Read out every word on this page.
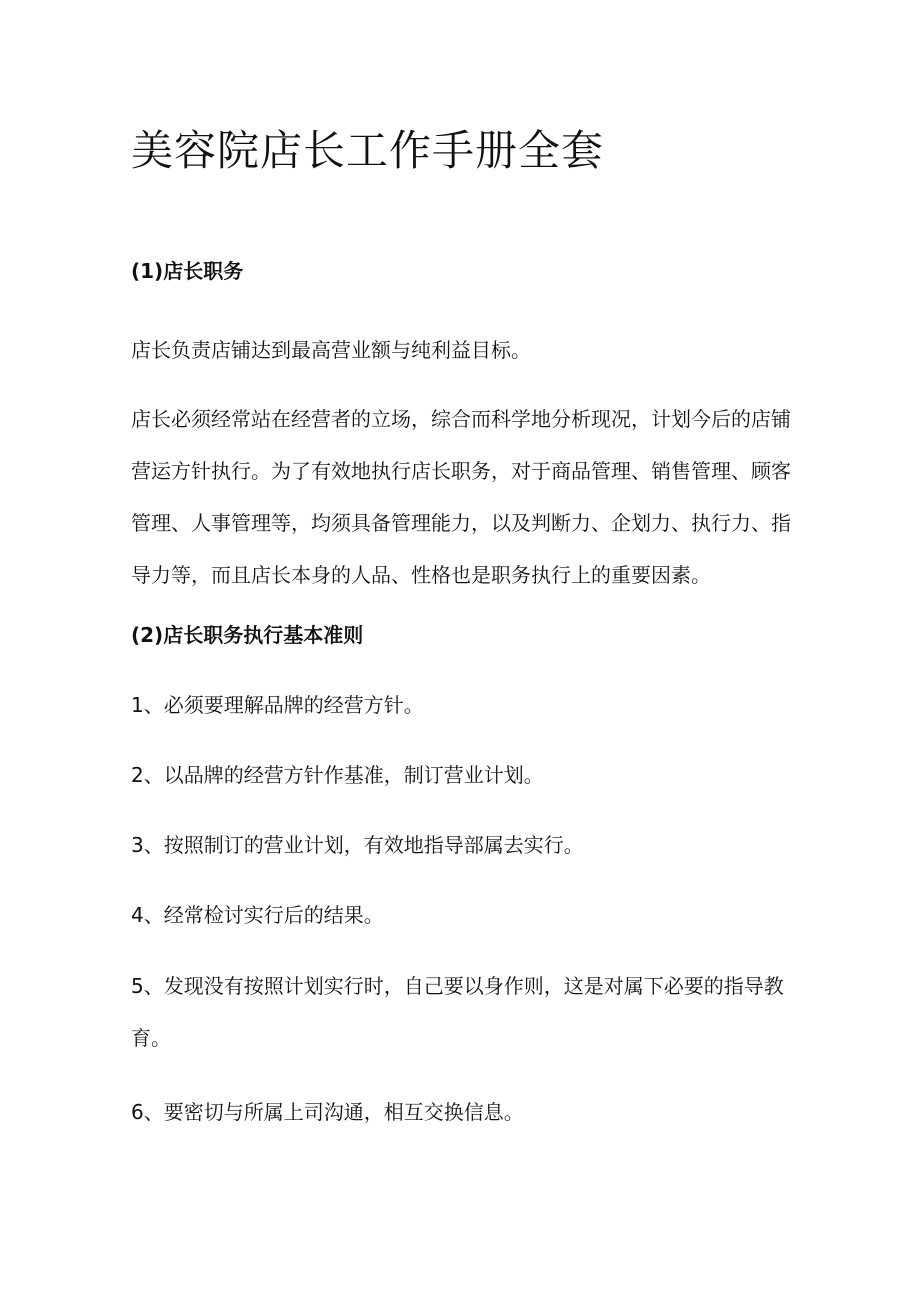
美容院店长工作手册全套
(1)店长职务

店长负责店铺达到最高营业额与纯利益目标。

店长必须经常站在经营者的立场，综合而科学地分析现况，计划今后的店铺营运方针执行。为了有效地执行店长职务，对于商品管理、销售管理、顾客管理、人事管理等，均须具备管理能力，以及判断力、企划力、执行力、指导力等，而且店长本身的人品、性格也是职务执行上的重要因素。

(2)店长职务执行基本准则

1、必须要理解品牌的经营方针。

2、以品牌的经营方针作基准，制订营业计划。

3、按照制订的营业计划，有效地指导部属去实行。

4、经常检讨实行后的结果。

5、发现没有按照计划实行时，自己要以身作则，这是对属下必要的指导教育。

6、要密切与所属上司沟通，相互交换信息。
